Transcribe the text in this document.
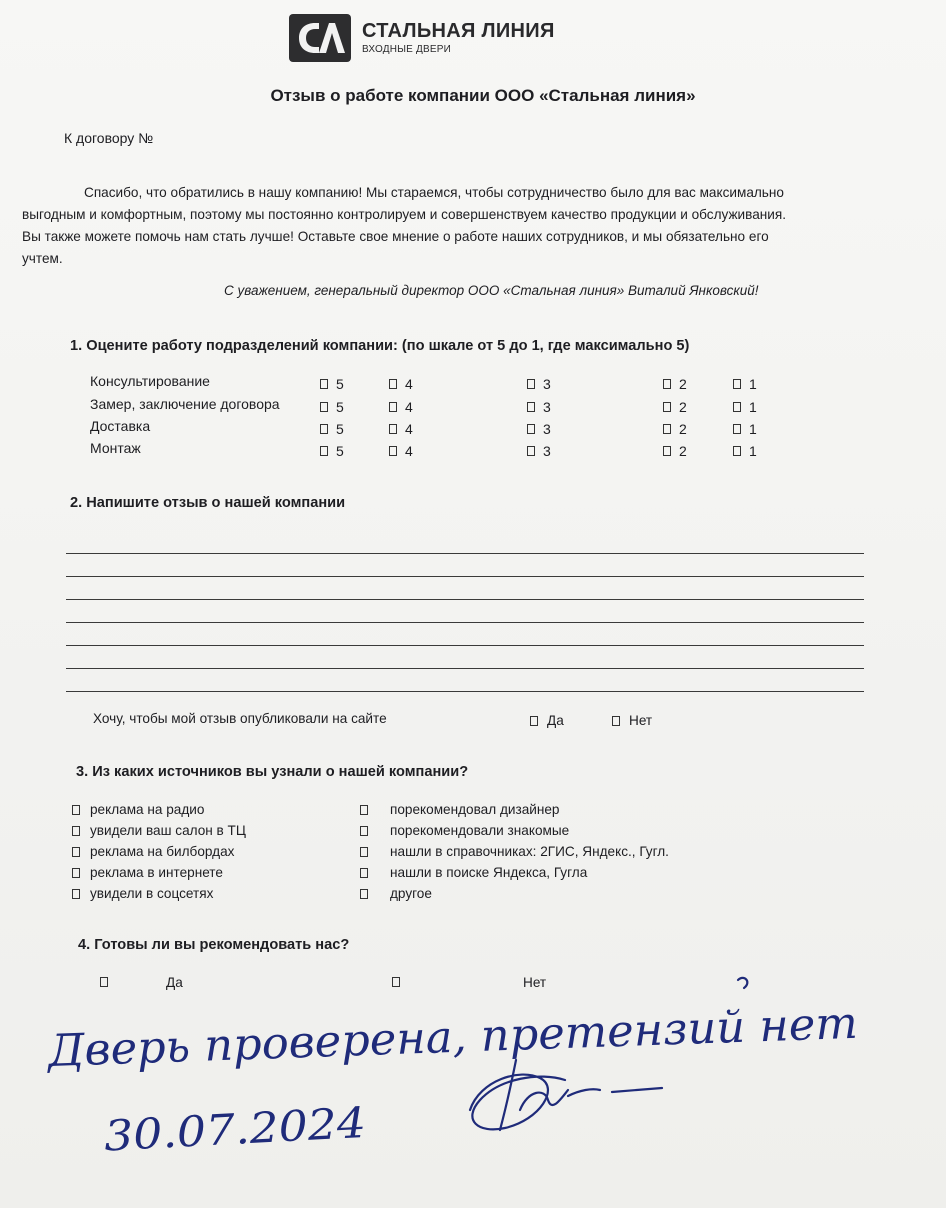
СТАЛЬНАЯ ЛИНИЯ
ВХОДНЫЕ ДВЕРИ
Отзыв о работе компании ООО «Стальная линия»
К договору №
Спасибо, что обратились в нашу компанию! Мы стараемся, чтобы сотрудничество было для вас максимально
выгодным и комфортным, поэтому мы постоянно контролируем и совершенствуем качество продукции и обслуживания.
Вы также можете помочь нам стать лучше! Оставьте свое мнение о работе наших сотрудников, и мы обязательно его
учтем.
С уважением, генеральный директор ООО «Стальная линия» Виталий Янковский!
1. Оцените работу подразделений компании: (по шкале от 5 до 1, где максимально 5)
Консультирование	5	4	3	2	1
Замер, заключение договора	5	4	3	2	1
Доставка	5	4	3	2	1
Монтаж	5	4	3	2	1
2. Напишите отзыв о нашей компании
Хочу, чтобы мой отзыв опубликовали на сайте	Да	Нет
3. Из каких источников вы узнали о нашей компании?
реклама на радио
увидели ваш салон в ТЦ
реклама на билбордах
реклама в интернете
увидели в соцсетях
порекомендовал дизайнер
порекомендовали знакомые
нашли в справочниках: 2ГИС, Яндекс., Гугл.
нашли в поиске Яндекса, Гугла
другое
4. Готовы ли вы рекомендовать нас?
Да	Нет
Дверь проверена, претензий нет
30.07.2024
